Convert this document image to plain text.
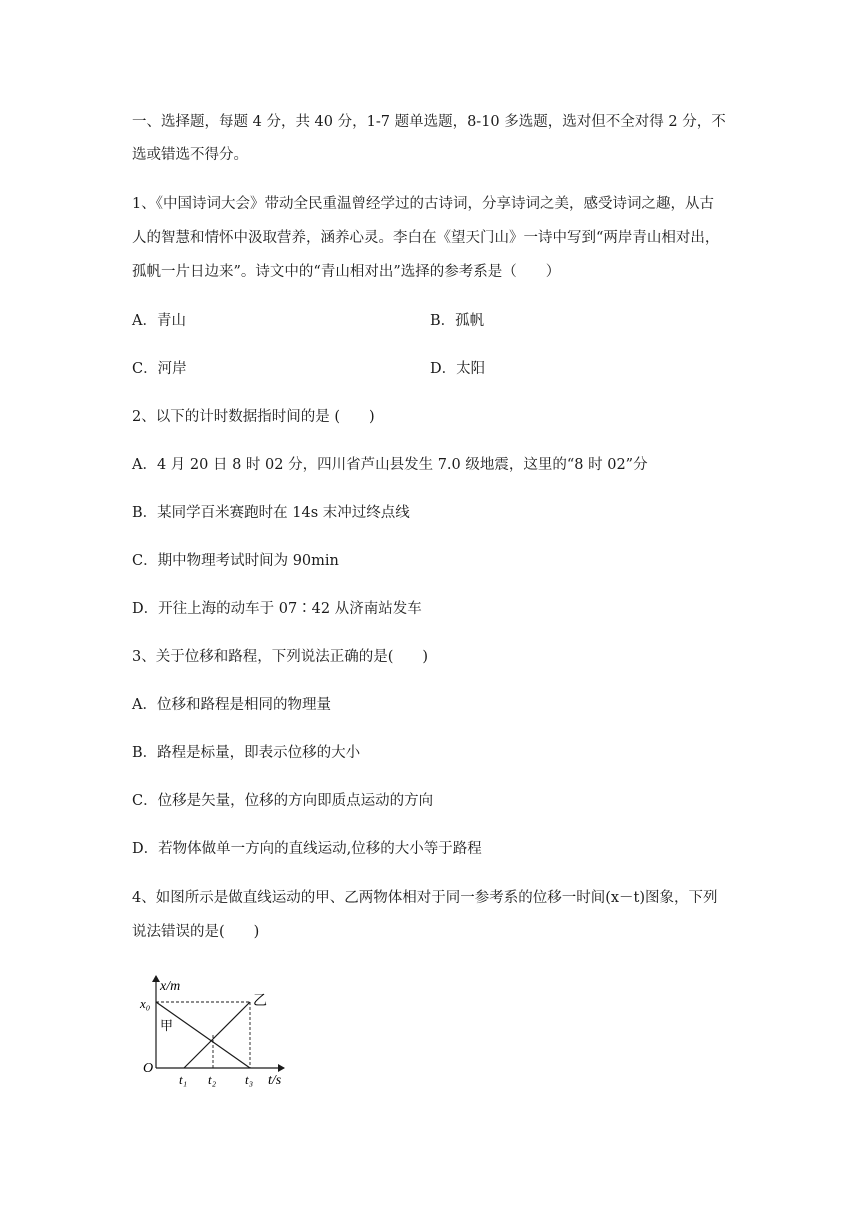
一、选择题，每题 4 分，共 40 分，1-7 题单选题，8-10 多选题，选对但不全对得 2 分，不
选或错选不得分。
1、《中国诗词大会》带动全民重温曾经学过的古诗词，分享诗词之美，感受诗词之趣，从古
人的智慧和情怀中汲取营养，涵养心灵。李白在《望天门山》一诗中写到“两岸青山相对出，
孤帆一片日边来”。诗文中的“青山相对出”选择的参考系是（　　）
A．青山	B．孤帆
C．河岸	D．太阳
2、以下的计时数据指时间的是 (　　)
A．4 月 20 日 8 时 02 分，四川省芦山县发生 7.0 级地震，这里的“8 时 02”分
B．某同学百米赛跑时在 14s 末冲过终点线
C．期中物理考试时间为 90min
D．开往上海的动车于 07∶42 从济南站发车
3、关于位移和路程，下列说法正确的是(　　)
A．位移和路程是相同的物理量
B．路程是标量，即表示位移的大小
C．位移是矢量，位移的方向即质点运动的方向
D．若物体做单一方向的直线运动,位移的大小等于路程
4、如图所示是做直线运动的甲、乙两物体相对于同一参考系的位移一时间(x－t)图象，下列
说法错误的是(　　)
x/m
x₀
甲
乙
O
t₁ t₂ t₃ t/s
